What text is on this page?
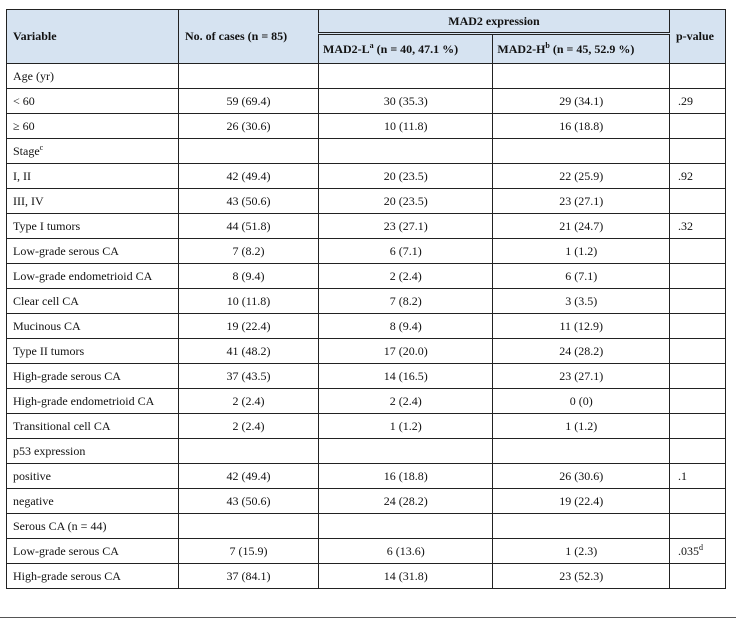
Variable	No. of cases (n = 85)	MAD2 expression		p-value
		$MAD2-L^a$ (n = 40, 47.1 %)	$MAD2-H^b$ (n = 45, 52.9 %)	
Age (yr)				
< 60	59 (69.4)	30 (35.3)	29 (34.1)	.29
≥ 60	26 (30.6)	10 (11.8)	16 (18.8)	
Stage$^c$				
I, II	42 (49.4)	20 (23.5)	22 (25.9)	.92
III, IV	43 (50.6)	20 (23.5)	23 (27.1)	
Type I tumors	44 (51.8)	23 (27.1)	21 (24.7)	.32
Low-grade serous CA	7 (8.2)	6 (7.1)	1 (1.2)	
Low-grade endometrioid CA	8 (9.4)	2 (2.4)	6 (7.1)	
Clear cell CA	10 (11.8)	7 (8.2)	3 (3.5)	
Mucinous CA	19 (22.4)	8 (9.4)	11 (12.9)	
Type II tumors	41 (48.2)	17 (20.0)	24 (28.2)	
High-grade serous CA	37 (43.5)	14 (16.5)	23 (27.1)	
High-grade endometrioid CA	2 (2.4)	2 (2.4)	0 (0)	
Transitional cell CA	2 (2.4)	1 (1.2)	1 (1.2)	
p53 expression				
positive	42 (49.4)	16 (18.8)	26 (30.6)	.1
negative	43 (50.6)	24 (28.2)	19 (22.4)	
Serous CA (n = 44)				
Low-grade serous CA	7 (15.9)	6 (13.6)	1 (2.3)	.035$^d$
High-grade serous CA	37 (84.1)	14 (31.8)	23 (52.3)	
